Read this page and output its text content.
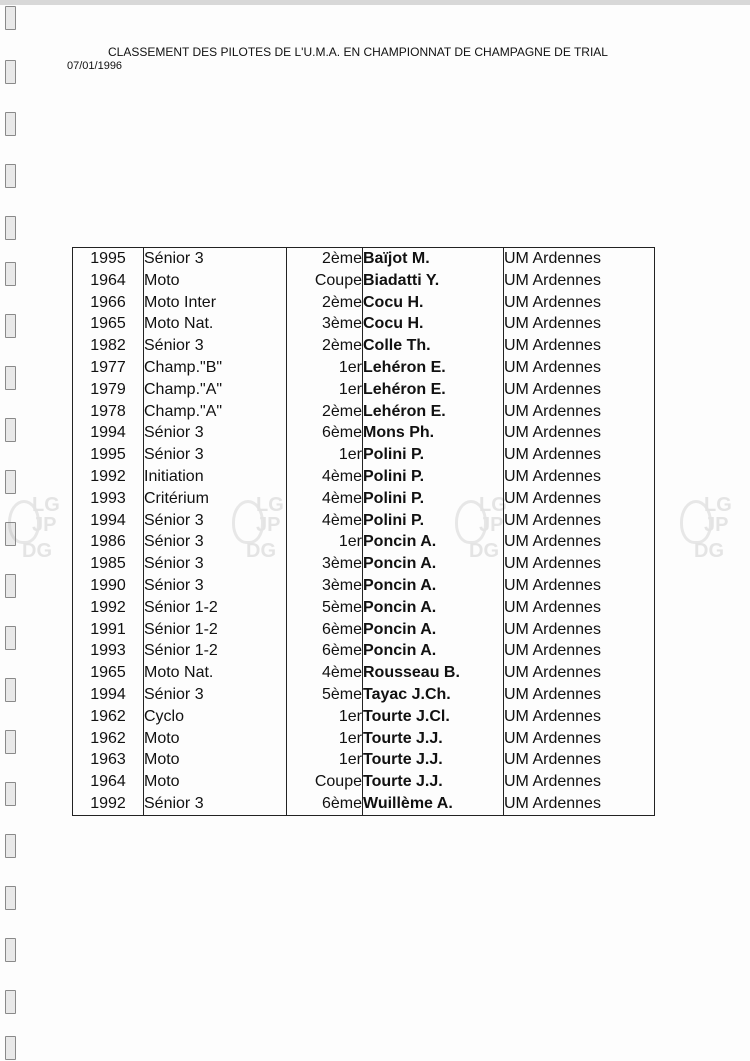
CLASSEMENT DES PILOTES DE L'U.M.A. EN CHAMPIONNAT DE CHAMPAGNE DE TRIAL
07/01/1996
LG
JP
DG
LG
JP
DG
LG
JP
DG
LG
JP
DG
1995	Sénior 3	2ème	Baïjot M.	UM Ardennes
1964	Moto	Coupe	Biadatti Y.	UM Ardennes
1966	Moto Inter	2ème	Cocu H.	UM Ardennes
1965	Moto Nat.	3ème	Cocu H.	UM Ardennes
1982	Sénior 3	2ème	Colle Th.	UM Ardennes
1977	Champ."B"	1er	Lehéron E.	UM Ardennes
1979	Champ."A"	1er	Lehéron E.	UM Ardennes
1978	Champ."A"	2ème	Lehéron E.	UM Ardennes
1994	Sénior 3	6ème	Mons Ph.	UM Ardennes
1995	Sénior 3	1er	Polini P.	UM Ardennes
1992	Initiation	4ème	Polini P.	UM Ardennes
1993	Critérium	4ème	Polini P.	UM Ardennes
1994	Sénior 3	4ème	Polini P.	UM Ardennes
1986	Sénior 3	1er	Poncin A.	UM Ardennes
1985	Sénior 3	3ème	Poncin A.	UM Ardennes
1990	Sénior 3	3ème	Poncin A.	UM Ardennes
1992	Sénior 1-2	5ème	Poncin A.	UM Ardennes
1991	Sénior 1-2	6ème	Poncin A.	UM Ardennes
1993	Sénior 1-2	6ème	Poncin A.	UM Ardennes
1965	Moto Nat.	4ème	Rousseau B.	UM Ardennes
1994	Sénior 3	5ème	Tayac J.Ch.	UM Ardennes
1962	Cyclo	1er	Tourte J.Cl.	UM Ardennes
1962	Moto	1er	Tourte J.J.	UM Ardennes
1963	Moto	1er	Tourte J.J.	UM Ardennes
1964	Moto	Coupe	Tourte J.J.	UM Ardennes
1992	Sénior 3	6ème	Wuillème A.	UM Ardennes
